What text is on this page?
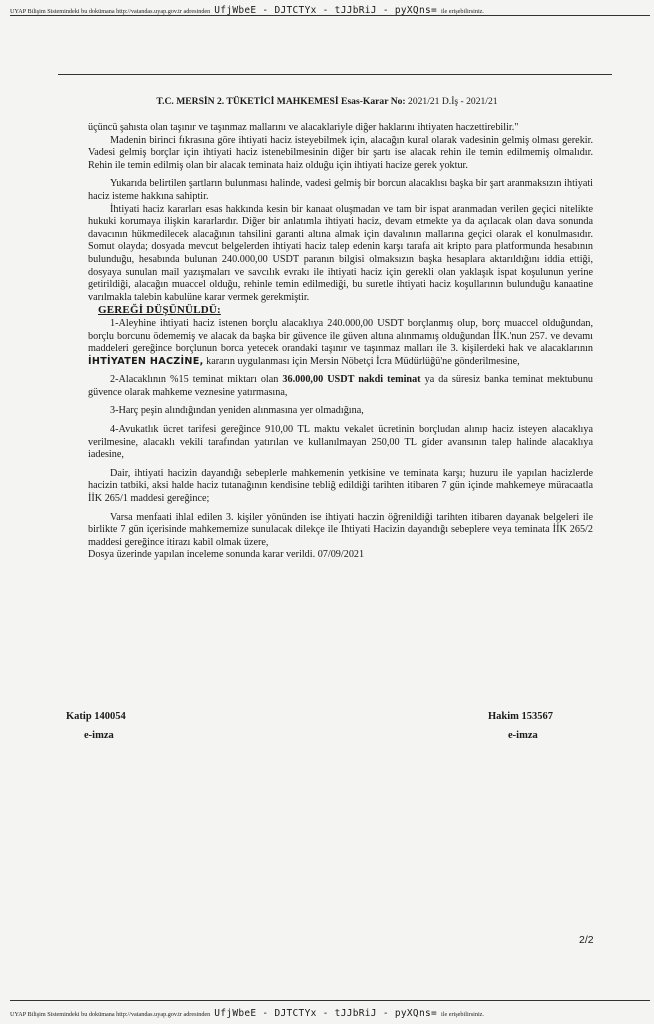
UYAP Bilişim Sistemindeki bu dokümana http://vatandas.uyap.gov.tr adresinden UfjWbeE - DJTCTYx - tJJbRiJ - pyXQns= ile erişebilirsiniz.
T.C. MERSİN 2. TÜKETİCİ MAHKEMESİ Esas-Karar No: 2021/21 D.İş - 2021/21

üçüncü şahısta olan taşınır ve taşınmaz mallarını ve alacaklariyle diğer haklarını ihtiyaten haczettirebilir."

Madenin birinci fıkrasına göre ihtiyati haciz isteyebilmek için, alacağın kural olarak vadesinin gelmiş olması gerekir. Vadesi gelmiş borçlar için ihtiyati haciz istenebilmesinin diğer bir şartı ise alacak rehin ile temin edilmemiş olmalıdır. Rehin ile temin edilmiş olan bir alacak teminata haiz olduğu için ihtiyati hacize gerek yoktur.

Yukarıda belirtilen şartların bulunması halinde, vadesi gelmiş bir borcun alacaklısı başka bir şart aranmaksızın ihtiyati haciz isteme hakkına sahiptir.

İhtiyati haciz kararları esas hakkında kesin bir kanaat oluşmadan ve tam bir ispat aranmadan verilen geçici nitelikte hukuki korumaya ilişkin kararlardır. Diğer bir anlatımla ihtiyati haciz, devam etmekte ya da açılacak olan dava sonunda davacının hükmedilecek alacağının tahsilini garanti altına almak için davalının mallarına geçici olarak el konulmasıdır. Somut olayda; dosyada mevcut belgelerden ihtiyati haciz talep edenin karşı tarafa ait kripto para platformunda hesabının bulunduğu, hesabında bulunan 240.000,00 USDT paranın bilgisi olmaksızın başka hesaplara aktarıldığını iddia ettiği, dosyaya sunulan mail yazışmaları ve savcılık evrakı ile ihtiyati haciz için gerekli olan yaklaşık ispat koşulunun yerine getirildiği, alacağın muaccel olduğu, rehinle temin edilmediği, bu suretle ihtiyati haciz koşullarının bulunduğu kanaatine varılmakla talebin kabulüne karar vermek gerekmiştir.

GEREĞİ DÜŞÜNÜLDÜ:

1-Aleyhine ihtiyati haciz istenen borçlu alacaklıya 240.000,00 USDT borçlanmış olup, borç muaccel olduğundan, borçlu borcunu ödememiş ve alacak da başka bir güvence ile güven altına alınmamış olduğundan İİK.'nun 257. ve devamı maddeleri gereğince borçlunun borca yetecek orandaki taşınır ve taşınmaz malları ile 3. kişilerdeki hak ve alacaklarının İHTİYATEN HACZİNE, kararın uygulanması için Mersin Nöbetçi İcra Müdürlüğü'ne gönderilmesine,

2-Alacaklının %15 teminat miktarı olan 36.000,00 USDT nakdi teminat ya da süresiz banka teminat mektubunu güvence olarak mahkeme veznesine yatırmasına,

3-Harç peşin alındığından yeniden alınmasına yer olmadığına,

4-Avukatlık ücret tarifesi gereğince 910,00 TL maktu vekalet ücretinin borçludan alınıp haciz isteyen alacaklıya verilmesine, alacaklı vekili tarafından yatırılan ve kullanılmayan 250,00 TL gider avansının talep halinde alacaklıya iadesine,

Dair, ihtiyati hacizin dayandığı sebeplerle mahkemenin yetkisine ve teminata karşı; huzuru ile yapılan hacizlerde hacizin tatbiki, aksi halde haciz tutanağının kendisine tebliğ edildiği tarihten itibaren 7 gün içinde mahkemeye müracaatla İİK 265/1 maddesi gereğince;

Varsa menfaati ihlal edilen 3. kişiler yönünden ise ihtiyati haczin öğrenildiği tarihten itibaren dayanak belgeleri ile birlikte 7 gün içerisinde mahkememize sunulacak dilekçe ile Ihtiyati Hacizin dayandığı sebeplere veya teminata İİK 265/2 maddesi gereğince itirazı kabil olmak üzere,

Dosya üzerinde yapılan inceleme sonunda karar verildi. 07/09/2021

Katip 140054
e-imza
Hakim 153567
e-imza
2/2
UYAP Bilişim Sistemindeki bu dokümana http://vatandas.uyap.gov.tr adresinden UfjWbeE - DJTCTYx - tJJbRiJ - pyXQns= ile erişebilirsiniz.
